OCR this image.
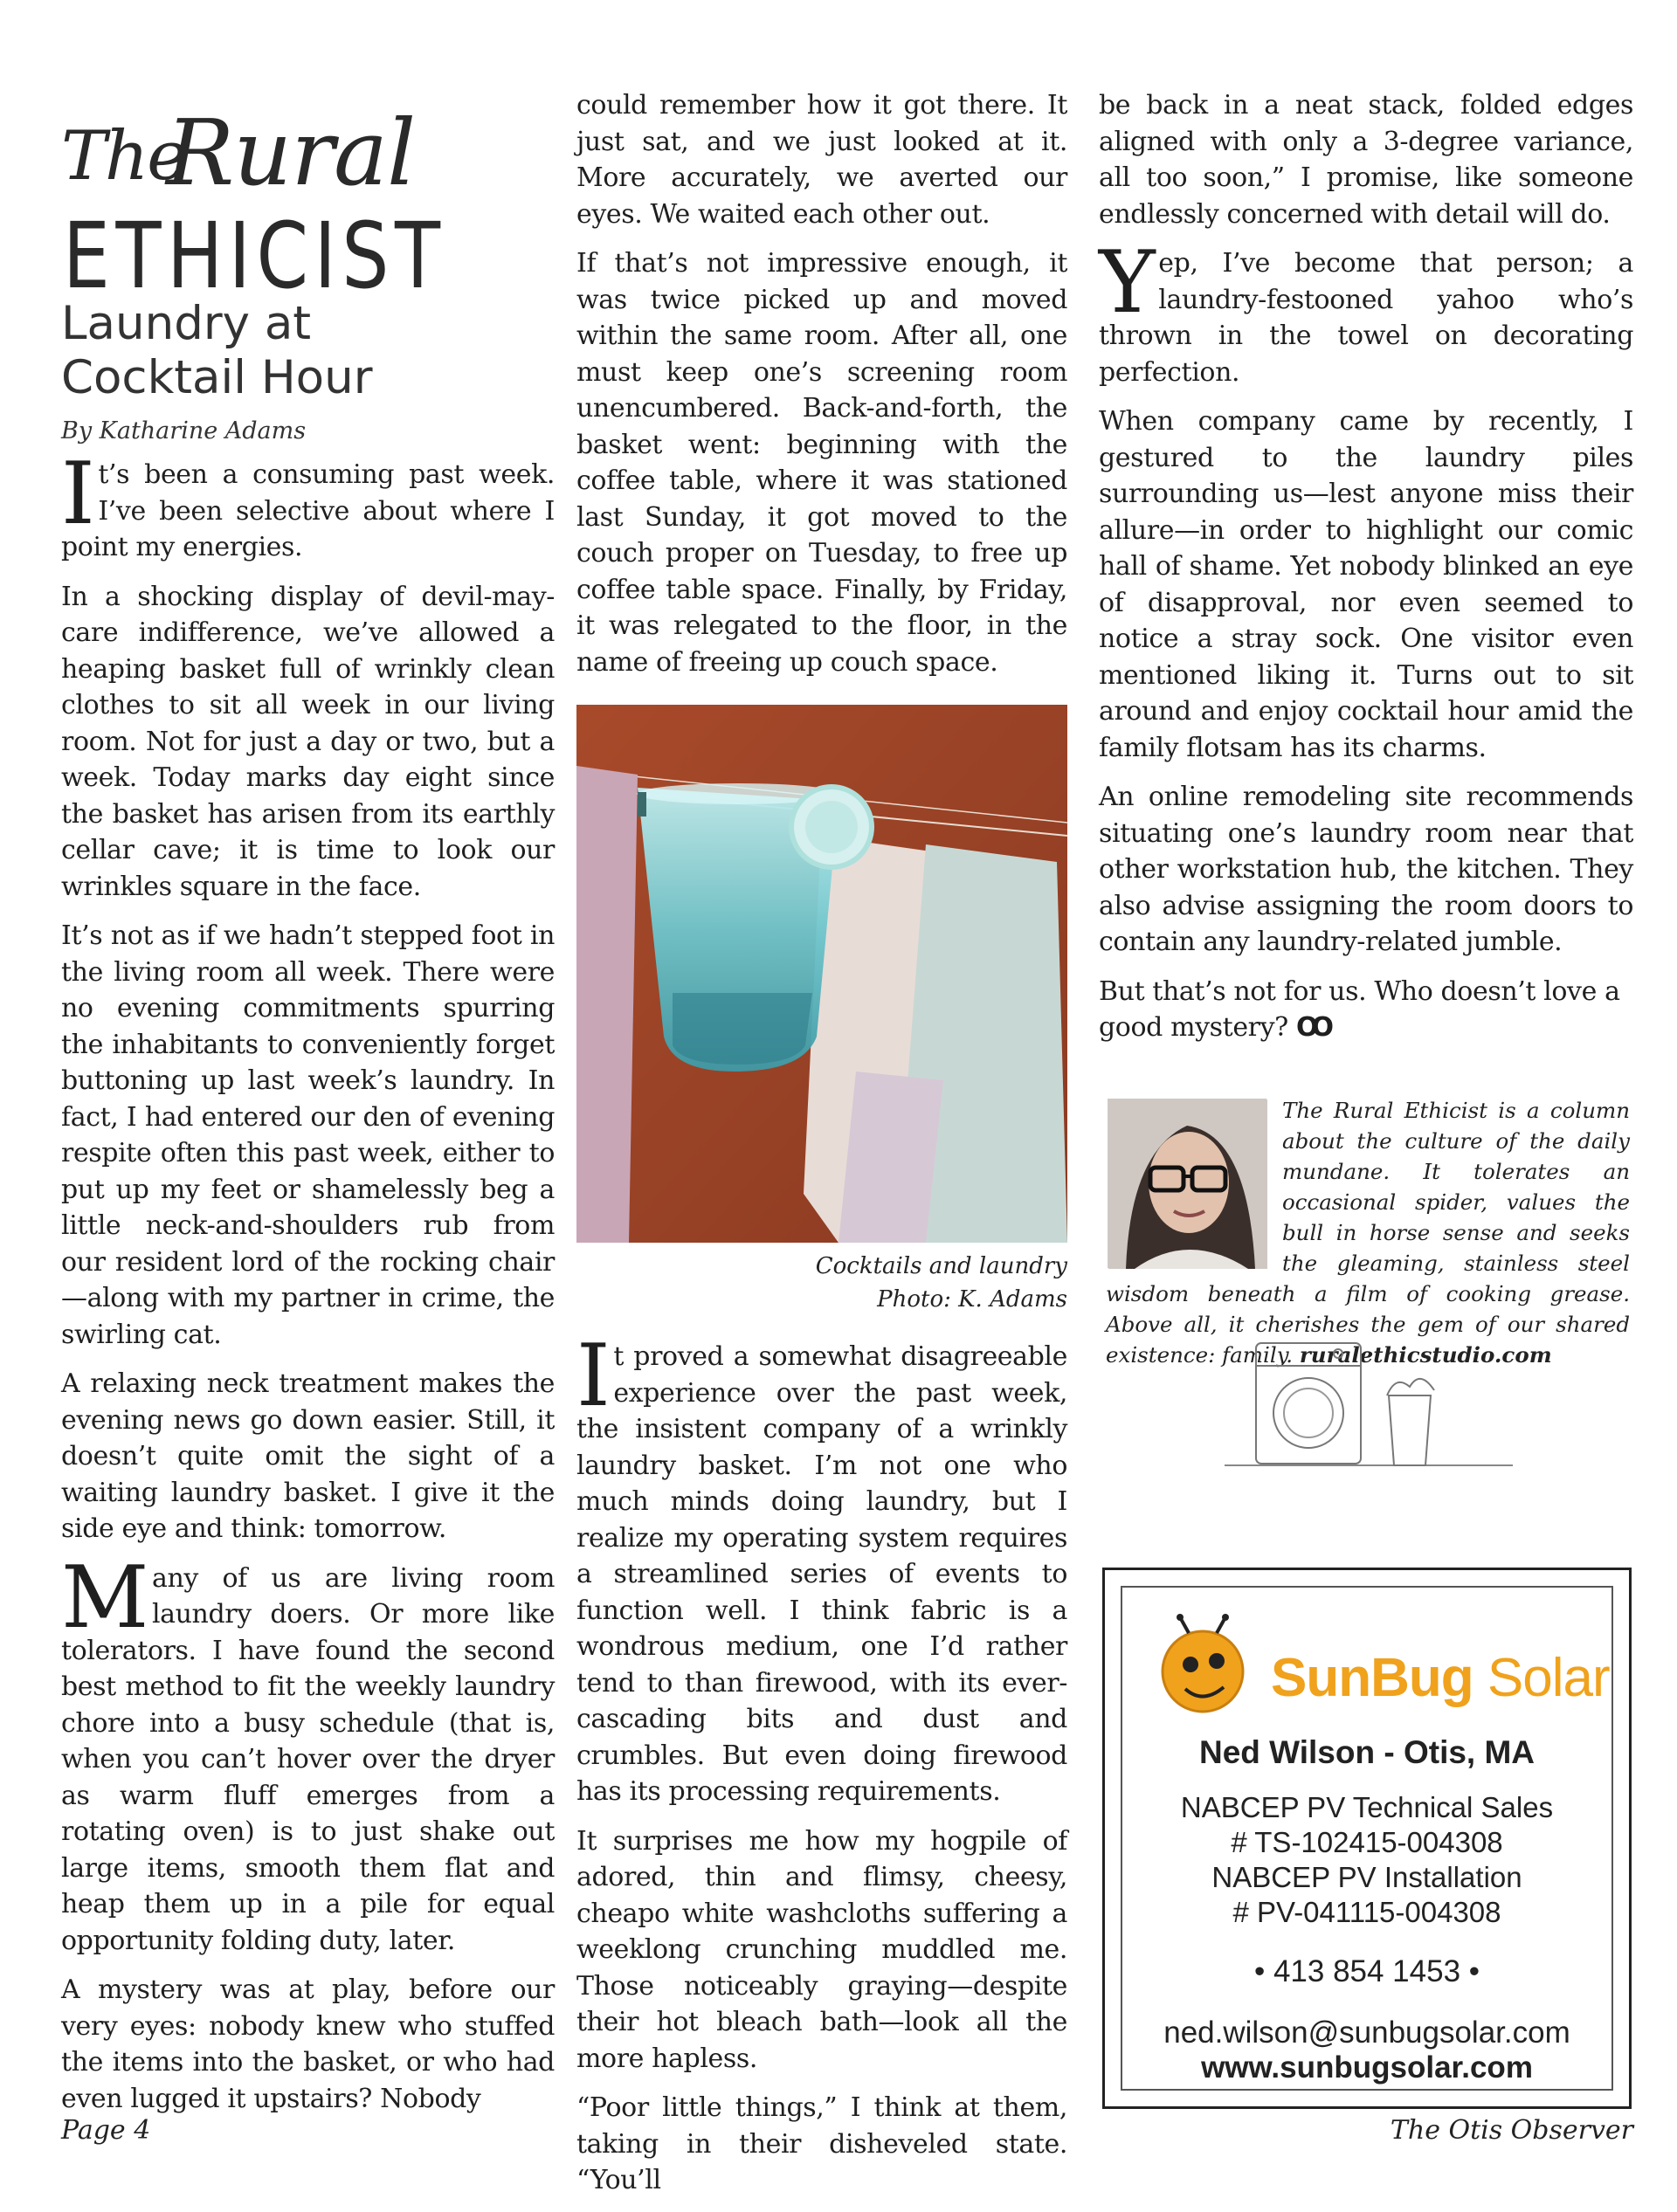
The
Rural
ETHICIST
Laundry at
Cocktail Hour
By Katharine Adams

It’s been a consuming past week. I’ve been selective about where I point my energies.

In a shocking display of devil-may-care indifference, we’ve allowed a heaping basket full of wrinkly clean clothes to sit all week in our living room. Not for just a day or two, but a week. Today marks day eight since the basket has arisen from its earthly cellar cave; it is time to look our wrinkles square in the face.

It’s not as if we hadn’t stepped foot in the living room all week. There were no evening commitments spurring the inhabitants to conveniently forget buttoning up last week’s laundry. In fact, I had entered our den of evening respite often this past week, either to put up my feet or shamelessly beg a little neck-and-shoulders rub from our resident lord of the rocking chair—along with my partner in crime, the swirling cat.

A relaxing neck treatment makes the evening news go down easier. Still, it doesn’t quite omit the sight of a waiting laundry basket. I give it the side eye and think: tomorrow.

Many of us are living room laundry doers. Or more like tolerators. I have found the second best method to fit the weekly laundry chore into a busy schedule (that is, when you can’t hover over the dryer as warm fluff emerges from a rotating oven) is to just shake out large items, smooth them flat and heap them up in a pile for equal opportunity folding duty, later.

A mystery was at play, before our very eyes: nobody knew who stuffed the items into the basket, or who had even lugged it upstairs? Nobody

could remember how it got there. It just sat, and we just looked at it. More accurately, we averted our eyes. We waited each other out.

If that’s not impressive enough, it was twice picked up and moved within the same room. After all, one must keep one’s screening room unencumbered. Back-and-forth, the basket went: beginning with the coffee table, where it was stationed last Sunday, it got moved to the couch proper on Tuesday, to free up coffee table space. Finally, by Friday, it was relegated to the floor, in the name of freeing up couch space.

Cocktails and laundry
Photo: K. Adams

It proved a somewhat disagreeable experience over the past week, the insistent company of a wrinkly laundry basket. I’m not one who much minds doing laundry, but I realize my operating system requires a streamlined series of events to function well. I think fabric is a wondrous medium, one I’d rather tend to than firewood, with its ever-cascading bits and dust and crumbles. But even doing firewood has its processing requirements.

It surprises me how my hogpile of adored, thin and flimsy, cheesy, cheapo white washcloths suffering a weeklong crunching muddled me. Those noticeably graying—despite their hot bleach bath—look all the more hapless.

“Poor little things,” I think at them, taking in their disheveled state. “You’ll

be back in a neat stack, folded edges aligned with only a 3-degree variance, all too soon,” I promise, like someone endlessly concerned with detail will do.

Yep, I’ve become that person; a laundry-festooned yahoo who’s thrown in the towel on decorating perfection.

When company came by recently, I gestured to the laundry piles surrounding us—lest anyone miss their allure—in order to highlight our comic hall of shame. Yet nobody blinked an eye of disapproval, nor even seemed to notice a stray sock. One visitor even mentioned liking it. Turns out to sit around and enjoy cocktail hour amid the family flotsam has its charms.

An online remodeling site recommends situating one’s laundry room near that other workstation hub, the kitchen. They also advise assigning the room doors to contain any laundry-related jumble.

But that’s not for us. Who doesn’t love a good mystery? OO

The Rural Ethicist is a column about the culture of the daily mundane. It tolerates an occasional spider, values the bull in horse sense and seeks the gleaming, stainless steel wisdom beneath a film of cooking grease. Above all, it cherishes the gem of our shared existence: family. ruralethicstudio.com
SunBug Solar
Ned Wilson - Otis, MA
NABCEP PV Technical Sales
# TS-102415-004308
NABCEP PV Installation
# PV-041115-004308
• 413 854 1453 •
ned.wilson@sunbugsolar.com
www.sunbugsolar.com
Page 4	The Otis Observer
